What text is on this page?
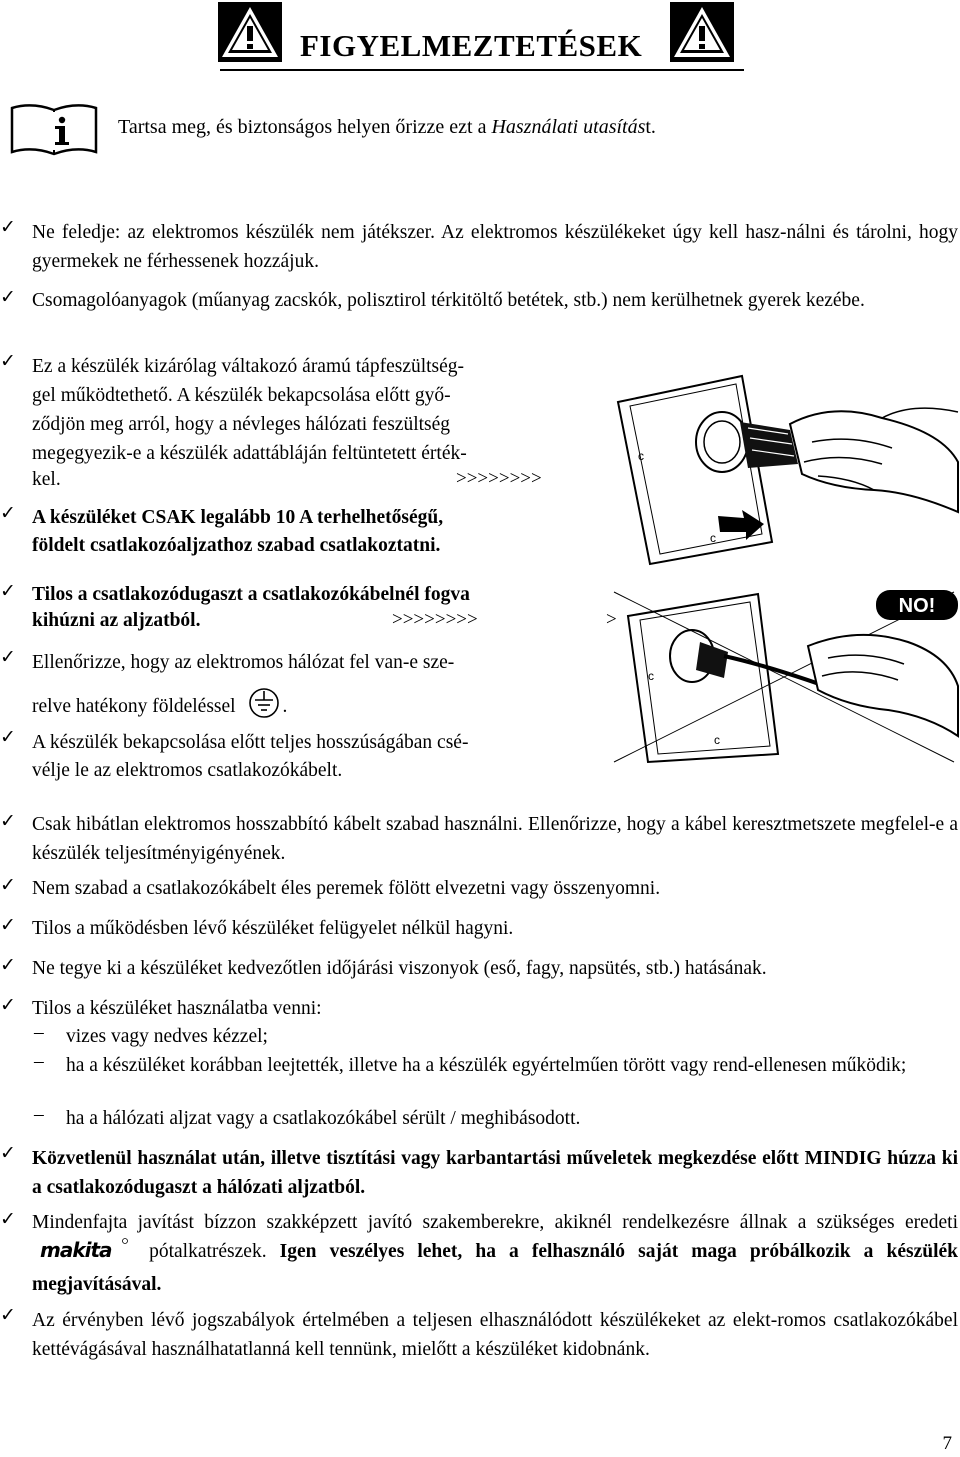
FIGYELMEZTETÉSEK
Tartsa meg, és biztonságos helyen őrizze ezt a Használati utasítást.
✓
✓
✓
✓
✓
✓
✓
✓
✓
✓
✓
✓
✓
✓
✓
Ne feledje: az elektromos készülék nem játékszer. Az elektromos készülékeket úgy kell hasz-nálni és tárolni, hogy gyermekek ne férhessenek hozzájuk.
Csomagolóanyagok (műanyag zacskók, polisztirol térkitöltő betétek, stb.) nem kerülhetnek gyerek kezébe.
Ez a készülék kizárólag váltakozó áramú tápfeszültség-
gel működtethető. A készülék bekapcsolása előtt győ-
ződjön meg arról, hogy a névleges hálózati feszültség
megegyezik-e a készülék adattábláján feltüntetett érték-
kel.	>>>>>>>>
A készüléket CSAK legalább 10 A terhelhetőségű,
földelt csatlakozóaljzathoz szabad csatlakoztatni.
Tilos a csatlakozódugaszt a csatlakozókábelnél fogva
kihúzni az aljzatból.	>>>>>>>>	>
Ellenőrizze, hogy az elektromos hálózat fel van-e sze-
relve hatékony földeléssel .
A készülék bekapcsolása előtt teljes hosszúságában csé-
vélje le az elektromos csatlakozókábelt.
Csak hibátlan elektromos hosszabbító kábelt szabad használni. Ellenőrizze, hogy a kábel keresztmetszete megfelel-e a készülék teljesítményigényének.
Nem szabad a csatlakozókábelt éles peremek fölött elvezetni vagy összenyomni.
Tilos a működésben lévő készüléket felügyelet nélkül hagyni.
Ne tegye ki a készüléket kedvezőtlen időjárási viszonyok (eső, fagy, napsütés, stb.) hatásának.
Tilos a készüléket használatba venni:
– vizes vagy nedves kézzel;
– ha a készüléket korábban leejtették, illetve ha a készülék egyértelműen törött vagy rend-ellenesen működik;
– ha a hálózati aljzat vagy a csatlakozókábel sérült / meghibásodott.
Közvetlenül használat után, illetve tisztítási vagy karbantartási műveletek megkezdése előtt MINDIG húzza ki a csatlakozódugaszt a hálózati aljzatból.
Mindenfajta javítást bízzon szakképzett javító szakemberekre, akiknél rendelkezésre állnak a szükséges eredeti
makita pótalkatrészek. Igen veszélyes lehet, ha a felhasználó saját maga próbálkozik a készülék megjavításával.
Az érvényben lévő jogszabályok értelmében a teljesen elhasználódott készülékeket az elekt-romos csatlakozókábel kettévágásával használhatatlanná kell tennünk, mielőtt a készüléket kidobnánk.
c
c
c
c
NO!
7
